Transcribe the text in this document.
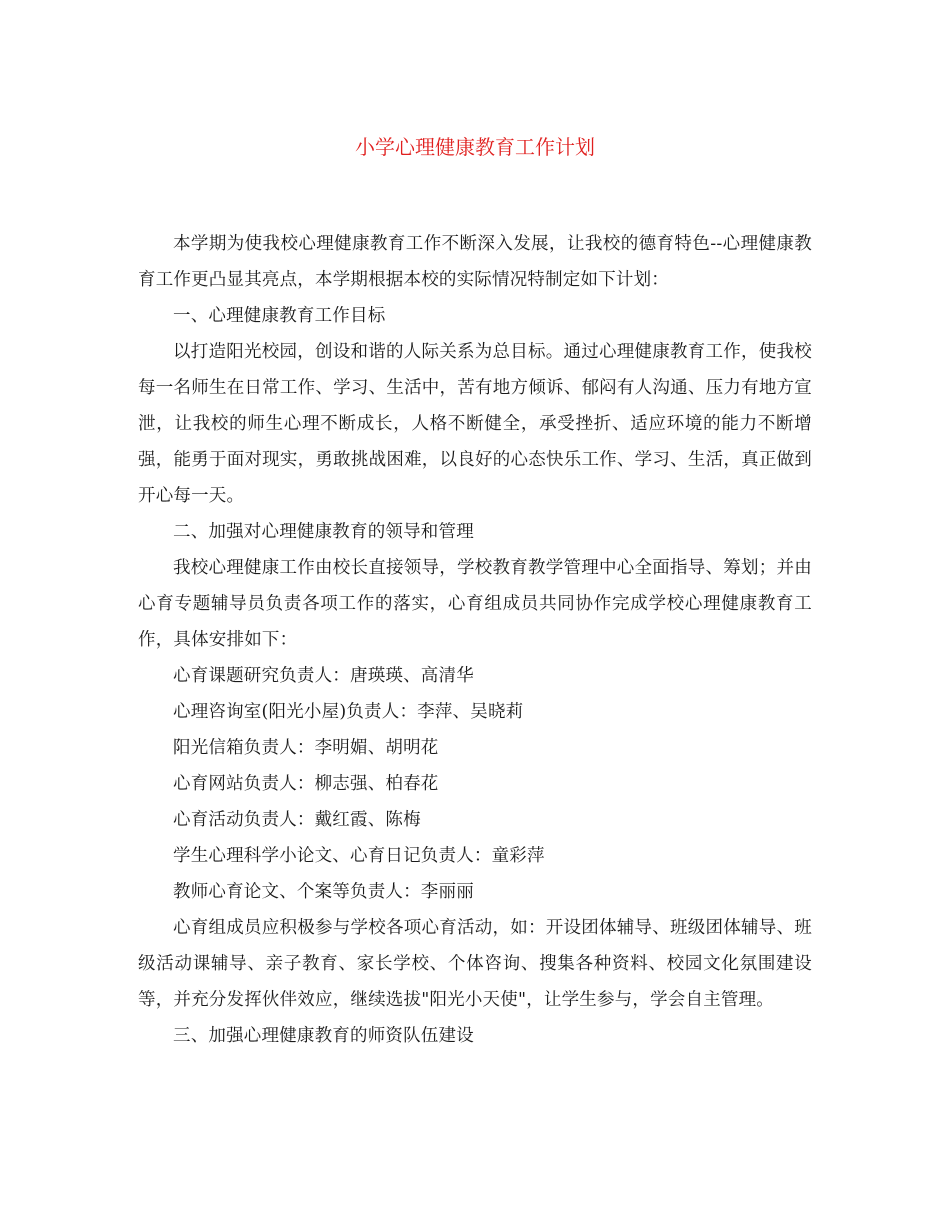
小学心理健康教育工作计划

本学期为使我校心理健康教育工作不断深入发展，让我校的德育特色--心理健康教育工作更凸显其亮点，本学期根据本校的实际情况特制定如下计划：

一、心理健康教育工作目标

以打造阳光校园，创设和谐的人际关系为总目标。通过心理健康教育工作，使我校每一名师生在日常工作、学习、生活中，苦有地方倾诉、郁闷有人沟通、压力有地方宣泄，让我校的师生心理不断成长，人格不断健全，承受挫折、适应环境的能力不断增强，能勇于面对现实，勇敢挑战困难，以良好的心态快乐工作、学习、生活，真正做到开心每一天。

二、加强对心理健康教育的领导和管理

我校心理健康工作由校长直接领导，学校教育教学管理中心全面指导、筹划；并由心育专题辅导员负责各项工作的落实，心育组成员共同协作完成学校心理健康教育工作，具体安排如下：

心育课题研究负责人：唐瑛瑛、高清华

心理咨询室(阳光小屋)负责人：李萍、吴晓莉

阳光信箱负责人：李明媚、胡明花

心育网站负责人：柳志强、柏春花

心育活动负责人：戴红霞、陈梅

学生心理科学小论文、心育日记负责人：童彩萍

教师心育论文、个案等负责人：李丽丽

心育组成员应积极参与学校各项心育活动，如：开设团体辅导、班级团体辅导、班级活动课辅导、亲子教育、家长学校、个体咨询、搜集各种资料、校园文化氛围建设等，并充分发挥伙伴效应，继续选拔"阳光小天使"，让学生参与，学会自主管理。

三、加强心理健康教育的师资队伍建设
